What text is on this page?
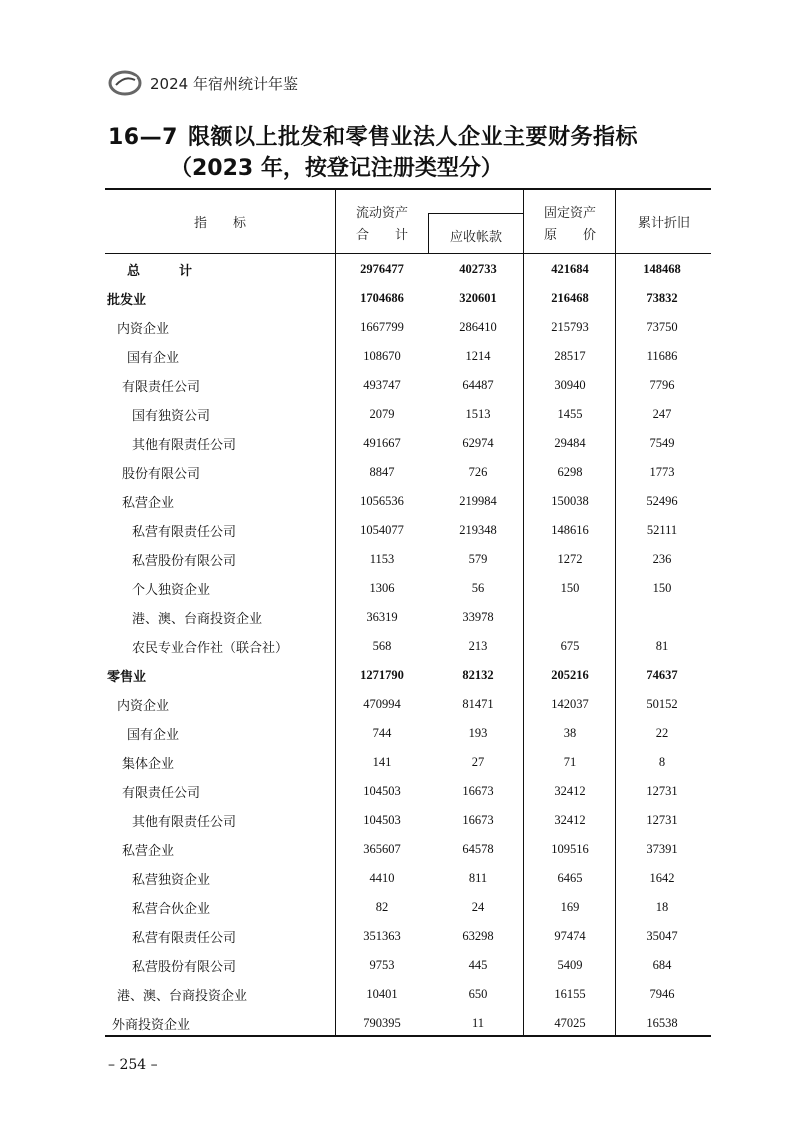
2024 年宿州统计年鉴
16—7 限额以上批发和零售业法人企业主要财务指标
（2023 年，按登记注册类型分）
指　　标
流动资产
合　　计	应收帐款
固定资产
原　　价
累计折旧
总　　　计	2976477	402733	421684	148468
批发业	1704686	320601	216468	73832
内资企业	1667799	286410	215793	73750
国有企业	108670	1214	28517	11686
有限责任公司	493747	64487	30940	7796
国有独资公司	2079	1513	1455	247
其他有限责任公司	491667	62974	29484	7549
股份有限公司	8847	726	6298	1773
私营企业	1056536	219984	150038	52496
私营有限责任公司	1054077	219348	148616	52111
私营股份有限公司	1153	579	1272	236
个人独资企业	1306	56	150	150
港、澳、台商投资企业	36319	33978
农民专业合作社（联合社）	568	213	675	81
零售业	1271790	82132	205216	74637
内资企业	470994	81471	142037	50152
国有企业	744	193	38	22
集体企业	141	27	71	8
有限责任公司	104503	16673	32412	12731
其他有限责任公司	104503	16673	32412	12731
私营企业	365607	64578	109516	37391
私营独资企业	4410	811	6465	1642
私营合伙企业	82	24	169	18
私营有限责任公司	351363	63298	97474	35047
私营股份有限公司	9753	445	5409	684
港、澳、台商投资企业	10401	650	16155	7946
外商投资企业	790395	11	47025	16538
– 254 –
